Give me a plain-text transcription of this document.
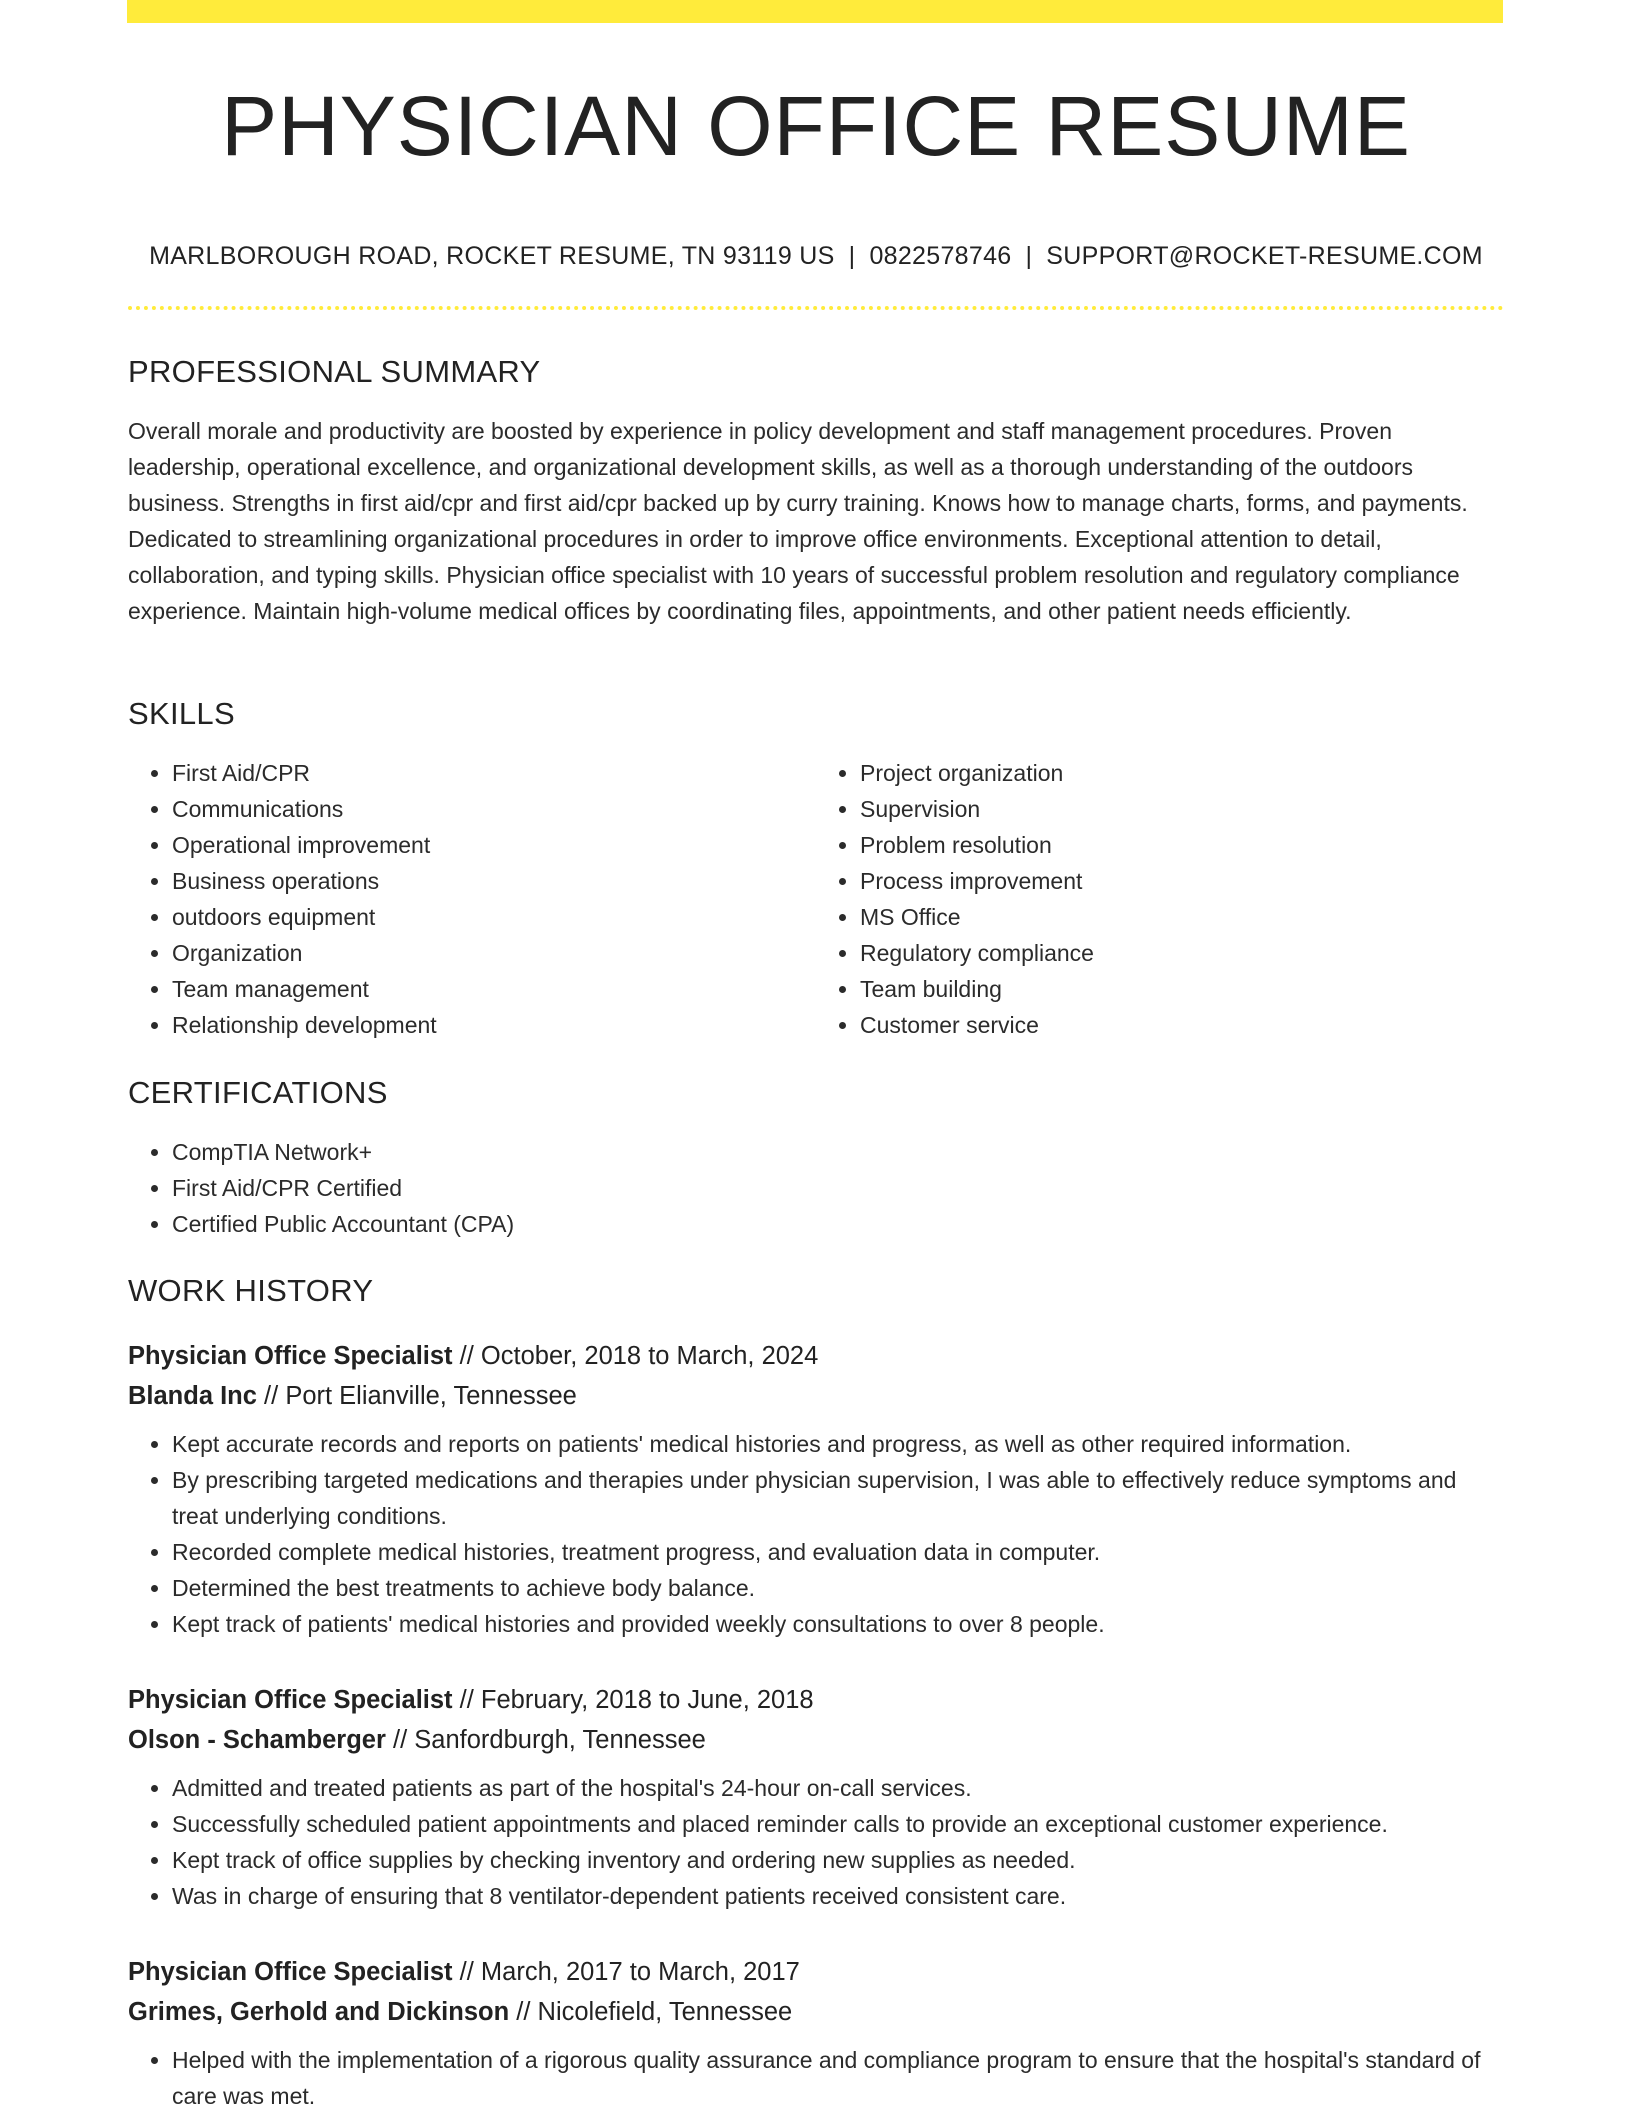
PHYSICIAN OFFICE RESUME
MARLBOROUGH ROAD, ROCKET RESUME, TN 93119 US | 0822578746 | SUPPORT@ROCKET-RESUME.COM
PROFESSIONAL SUMMARY

Overall morale and productivity are boosted by experience in policy development and staff management procedures. Proven leadership, operational excellence, and organizational development skills, as well as a thorough understanding of the outdoors business. Strengths in first aid/cpr and first aid/cpr backed up by curry training. Knows how to manage charts, forms, and payments. Dedicated to streamlining organizational procedures in order to improve office environments. Exceptional attention to detail, collaboration, and typing skills. Physician office specialist with 10 years of successful problem resolution and regulatory compliance experience. Maintain high-volume medical offices by coordinating files, appointments, and other patient needs efficiently.

SKILLS
• First Aid/CPR
• Communications
• Operational improvement
• Business operations
• outdoors equipment
• Organization
• Team management
• Relationship development
• Project organization
• Supervision
• Problem resolution
• Process improvement
• MS Office
• Regulatory compliance
• Team building
• Customer service
CERTIFICATIONS
• CompTIA Network+
• First Aid/CPR Certified
• Certified Public Accountant (CPA)
WORK HISTORY
Physician Office Specialist // October, 2018 to March, 2024
Blanda Inc // Port Elianville, Tennessee
• Kept accurate records and reports on patients' medical histories and progress, as well as other required information.
• By prescribing targeted medications and therapies under physician supervision, I was able to effectively reduce symptoms and treat underlying conditions.
• Recorded complete medical histories, treatment progress, and evaluation data in computer.
• Determined the best treatments to achieve body balance.
• Kept track of patients' medical histories and provided weekly consultations to over 8 people.
Physician Office Specialist // February, 2018 to June, 2018
Olson - Schamberger // Sanfordburgh, Tennessee
• Admitted and treated patients as part of the hospital's 24-hour on-call services.
• Successfully scheduled patient appointments and placed reminder calls to provide an exceptional customer experience.
• Kept track of office supplies by checking inventory and ordering new supplies as needed.
• Was in charge of ensuring that 8 ventilator-dependent patients received consistent care.
Physician Office Specialist // March, 2017 to March, 2017
Grimes, Gerhold and Dickinson // Nicolefield, Tennessee
• Helped with the implementation of a rigorous quality assurance and compliance program to ensure that the hospital's standard of care was met.
